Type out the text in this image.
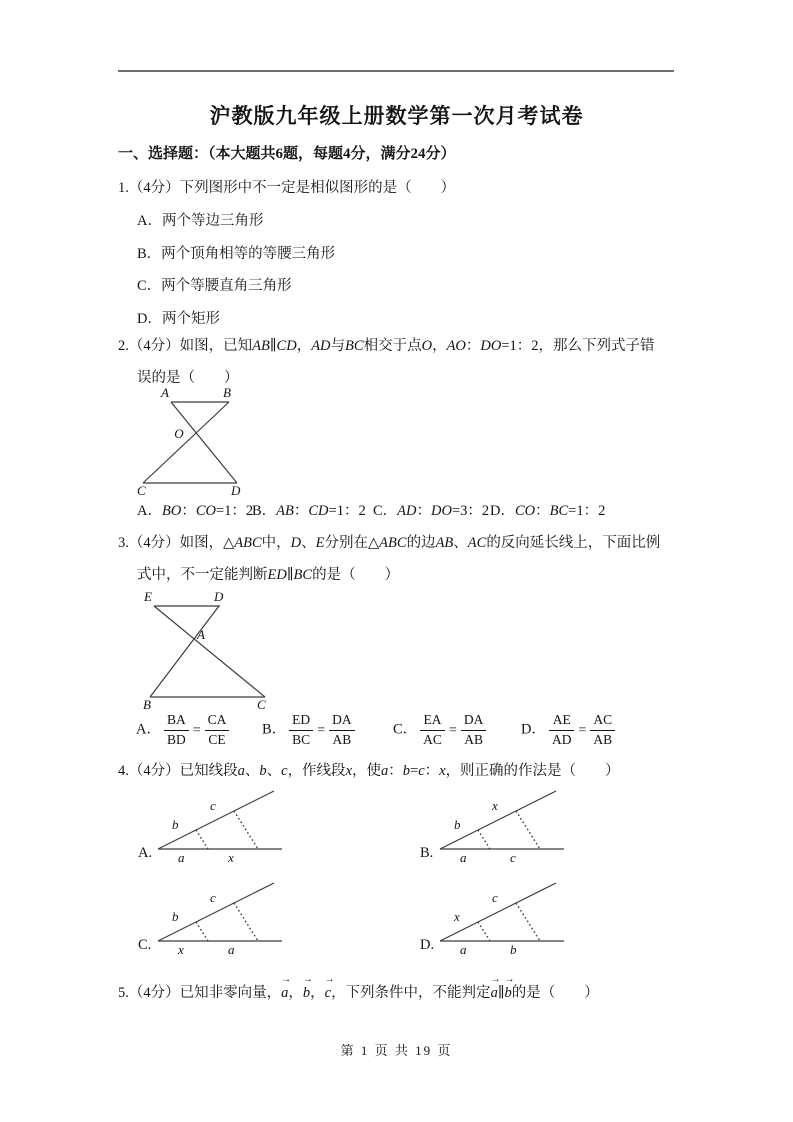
沪教版九年级上册数学第一次月考试卷
一、选择题：（本大题共6题，每题4分，满分24分）
1.（4分）下列图形中不一定是相似图形的是（　　）
A．两个等边三角形
B．两个顶角相等的等腰三角形
C．两个等腰直角三角形
D．两个矩形
2.（4分）如图，已知AB∥CD，AD与BC相交于点O，AO：DO=1：2，那么下列式子错
误的是（　　）
A	B
O
C	D
A．BO：CO=1：2
B．AB：CD=1：2 C．AD：DO=3：2 D．CO：BC=1：2
3.（4分）如图，△ABC中，D、E分别在△ABC的边AB、AC的反向延长线上，下面比例
式中，不一定能判断ED∥BC的是（　　）
E	D
A
B	C
A． $\frac{BA}{BD} = \frac{CA}{CE}$ B． $\frac{ED}{BC} = \frac{DA}{AB}$	C． $\frac{EA}{AC} = \frac{DA}{AB}$ D． $\frac{AE}{AD} = \frac{AC}{AB}$
4.（4分）已知线段a、b、c，作线段x，使a：b=c：x，则正确的作法是（　　）
A.
b
c
a	x	B.
b
x
a	c
C.
b
c
x	a	D.
x
c
a	b
5.（4分）已知非零向量，→ a，→ b，→ c，下列条件中，不能判定→ a∥→ b的是（　　）
第 1 页 共 19 页
